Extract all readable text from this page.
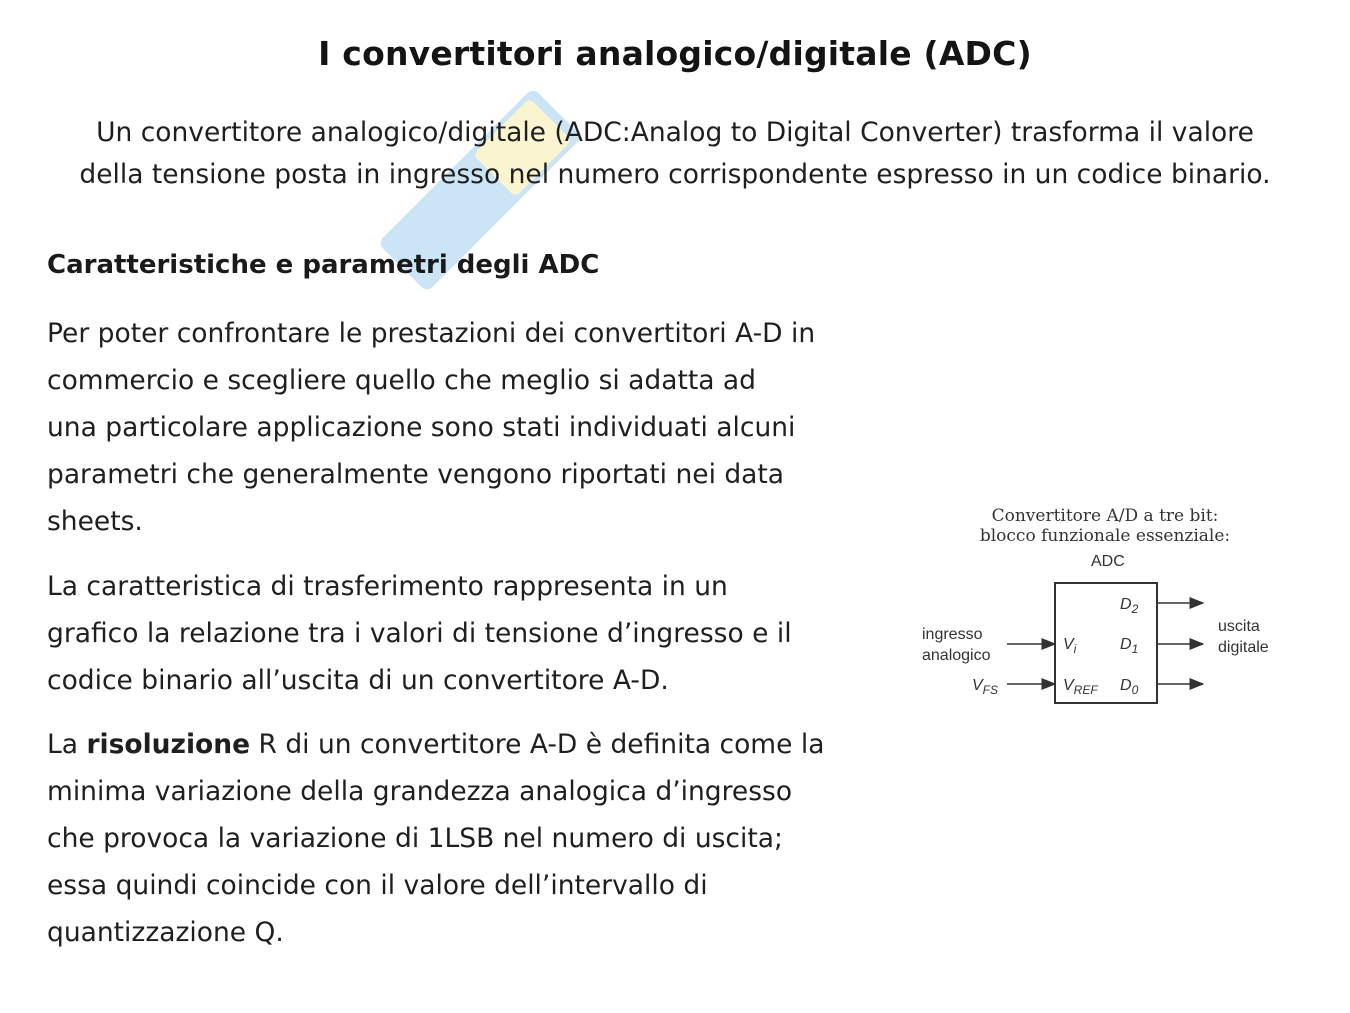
I convertitori analogico/digitale (ADC)
Un convertitore analogico/digitale (ADC:Analog to Digital Converter) trasforma il valore
della tensione posta in ingresso nel numero corrispondente espresso in un codice binario.
Caratteristiche e parametri degli ADC
Per poter confrontare le prestazioni dei convertitori A-D in
commercio e scegliere quello che meglio si adatta ad
una particolare applicazione sono stati individuati alcuni
parametri che generalmente vengono riportati nei data
sheets.
La caratteristica di trasferimento rappresenta in un
grafico la relazione tra i valori di tensione d’ingresso e il
codice binario all’uscita di un convertitore A-D.
La risoluzione R di un convertitore A-D è definita come la
minima variazione della grandezza analogica d’ingresso
che provoca la variazione di 1LSB nel numero di uscita;
essa quindi coincide con il valore dell’intervallo di
quantizzazione Q.
Convertitore A/D a tre bit:
blocco funzionale essenziale:
ADC
ingresso
analogico
$V_{FS}$
$V_i$
$V_{REF}$
$D_2$
$D_1$
$D_0$
uscita
digitale
